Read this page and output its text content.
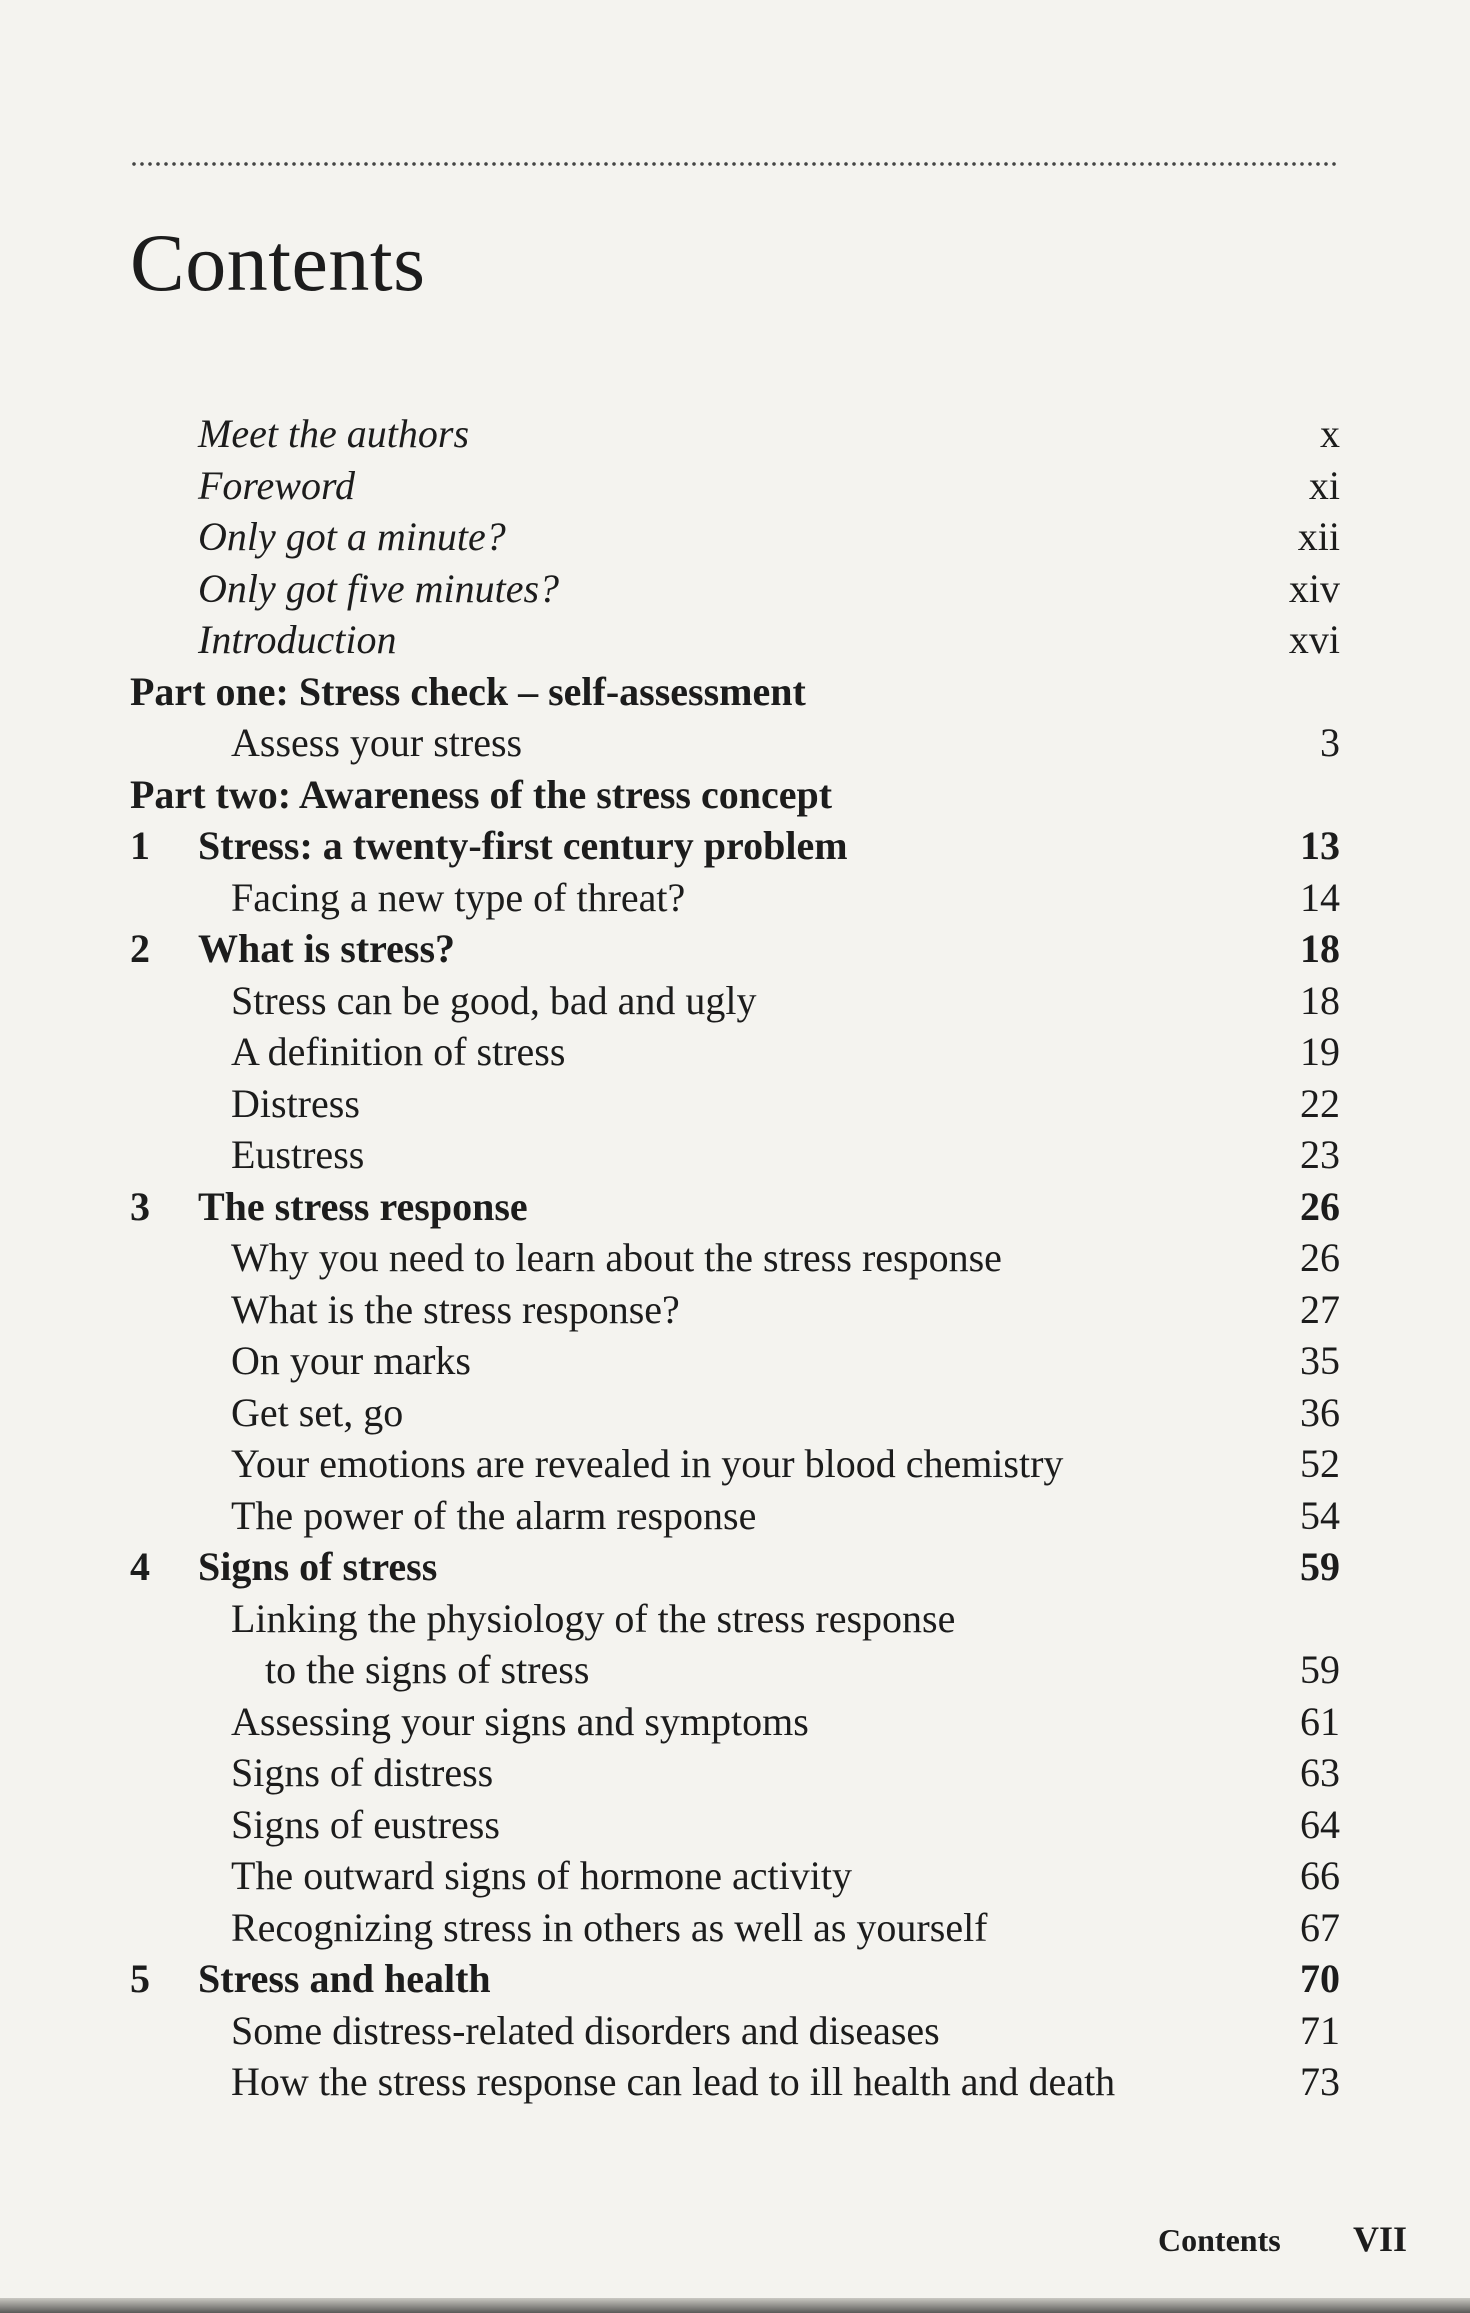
Contents
Meet the authors	x
Foreword	xi
Only got a minute?	xii
Only got five minutes?	xiv
Introduction	xvi
Part one: Stress check – self-assessment
Assess your stress	3
Part two: Awareness of the stress concept
1 Stress: a twenty-first century problem	13
Facing a new type of threat?	14
2 What is stress?	18
Stress can be good, bad and ugly	18
A definition of stress	19
Distress	22
Eustress	23
3 The stress response	26
Why you need to learn about the stress response	26
What is the stress response?	27
On your marks	35
Get set, go	36
Your emotions are revealed in your blood chemistry	52
The power of the alarm response	54
4 Signs of stress	59
Linking the physiology of the stress response
to the signs of stress	59
Assessing your signs and symptoms	61
Signs of distress	63
Signs of eustress	64
The outward signs of hormone activity	66
Recognizing stress in others as well as yourself	67
5 Stress and health	70
Some distress-related disorders and diseases	71
How the stress response can lead to ill health and death	73
Contents VII
